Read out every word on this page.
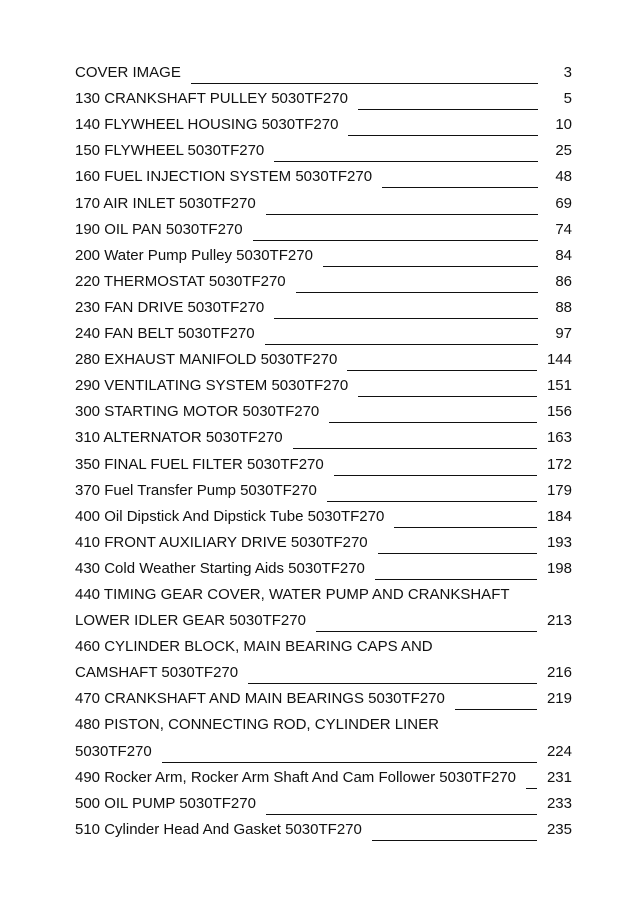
COVER IMAGE	3
130 CRANKSHAFT PULLEY 5030TF270	5
140 FLYWHEEL HOUSING 5030TF270	10
150 FLYWHEEL 5030TF270	25
160 FUEL INJECTION SYSTEM 5030TF270	48
170 AIR INLET 5030TF270	69
190 OIL PAN 5030TF270	74
200 Water Pump Pulley 5030TF270	84
220 THERMOSTAT 5030TF270	86
230 FAN DRIVE 5030TF270	88
240 FAN BELT 5030TF270	97
280 EXHAUST MANIFOLD 5030TF270	144
290 VENTILATING SYSTEM 5030TF270	151
300 STARTING MOTOR 5030TF270	156
310 ALTERNATOR 5030TF270	163
350 FINAL FUEL FILTER 5030TF270	172
370 Fuel Transfer Pump 5030TF270	179
400 Oil Dipstick And Dipstick Tube 5030TF270	184
410 FRONT AUXILIARY DRIVE 5030TF270	193
430 Cold Weather Starting Aids 5030TF270	198
440 TIMING GEAR COVER, WATER PUMP AND CRANKSHAFT
LOWER IDLER GEAR 5030TF270	213
460 CYLINDER BLOCK, MAIN BEARING CAPS AND
CAMSHAFT 5030TF270	216
470 CRANKSHAFT AND MAIN BEARINGS 5030TF270	219
480 PISTON, CONNECTING ROD, CYLINDER LINER
5030TF270	224
490 Rocker Arm, Rocker Arm Shaft And Cam Follower 5030TF270 231
500 OIL PUMP 5030TF270	233
510 Cylinder Head And Gasket 5030TF270	235
